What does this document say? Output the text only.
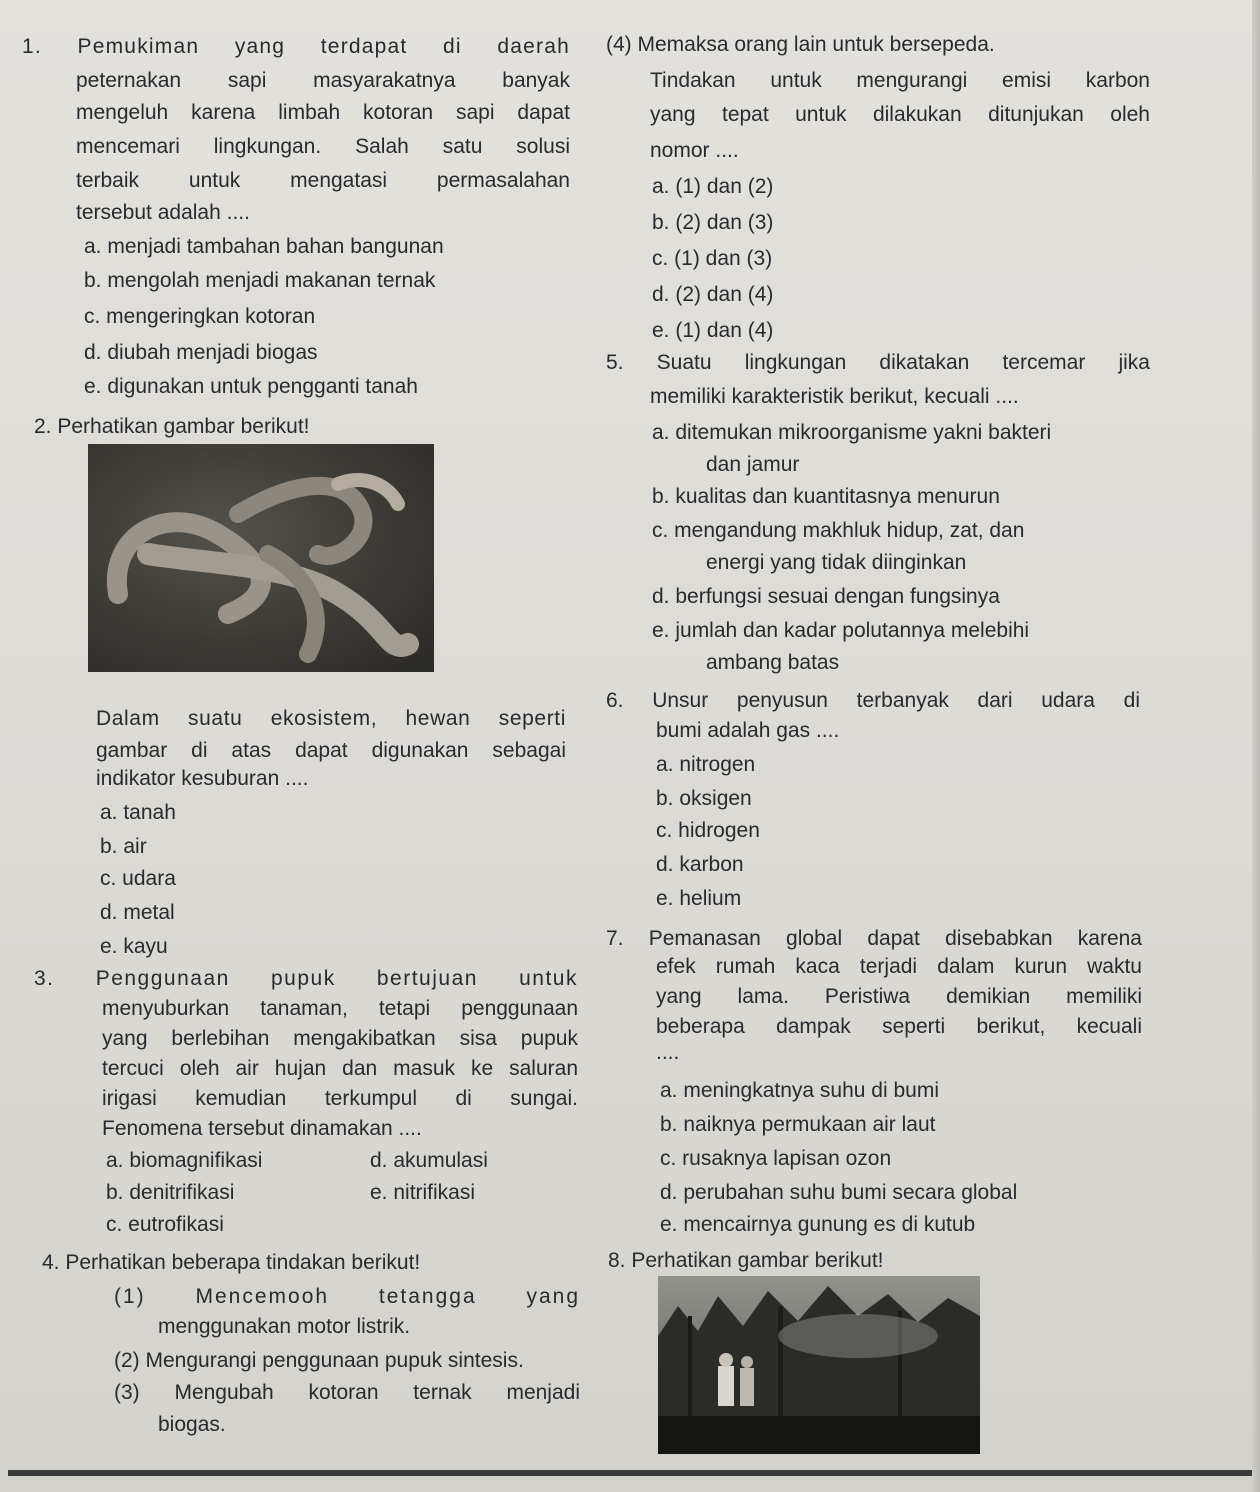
1. Pemukiman yang terdapat di daerah
peternakan sapi masyarakatnya banyak
mengeluh karena limbah kotoran sapi dapat
mencemari lingkungan. Salah satu solusi
terbaik untuk mengatasi permasalahan
tersebut adalah ....
a. menjadi tambahan bahan bangunan
b. mengolah menjadi makanan ternak
c. mengeringkan kotoran
d. diubah menjadi biogas
e. digunakan untuk pengganti tanah
2. Perhatikan gambar berikut!
Dalam suatu ekosistem, hewan seperti
gambar di atas dapat digunakan sebagai
indikator kesuburan ....
a. tanah
b. air
c. udara
d. metal
e. kayu
3. Penggunaan pupuk bertujuan untuk
menyuburkan tanaman, tetapi penggunaan
yang berlebihan mengakibatkan sisa pupuk
tercuci oleh air hujan dan masuk ke saluran
irigasi kemudian terkumpul di sungai.
Fenomena tersebut dinamakan ....
a. biomagnifikasi
b. denitrifikasi
c. eutrofikasi
d. akumulasi
e. nitrifikasi
4. Perhatikan beberapa tindakan berikut!
(1) Mencemooh tetangga yang
menggunakan motor listrik.
(2) Mengurangi penggunaan pupuk sintesis.
(3) Mengubah kotoran ternak menjadi
biogas.
(4) Memaksa orang lain untuk bersepeda.
Tindakan untuk mengurangi emisi karbon
yang tepat untuk dilakukan ditunjukan oleh
nomor ....
a. (1) dan (2)
b. (2) dan (3)
c. (1) dan (3)
d. (2) dan (4)
e. (1) dan (4)
5. Suatu lingkungan dikatakan tercemar jika
memiliki karakteristik berikut, kecuali ....
a. ditemukan mikroorganisme yakni bakteri
dan jamur
b. kualitas dan kuantitasnya menurun
c. mengandung makhluk hidup, zat, dan
energi yang tidak diinginkan
d. berfungsi sesuai dengan fungsinya
e. jumlah dan kadar polutannya melebihi
ambang batas
6. Unsur penyusun terbanyak dari udara di
bumi adalah gas ....
a. nitrogen
b. oksigen
c. hidrogen
d. karbon
e. helium
7. Pemanasan global dapat disebabkan karena
efek rumah kaca terjadi dalam kurun waktu
yang lama. Peristiwa demikian memiliki
beberapa dampak seperti berikut, kecuali
....
a. meningkatnya suhu di bumi
b. naiknya permukaan air laut
c. rusaknya lapisan ozon
d. perubahan suhu bumi secara global
e. mencairnya gunung es di kutub
8. Perhatikan gambar berikut!
